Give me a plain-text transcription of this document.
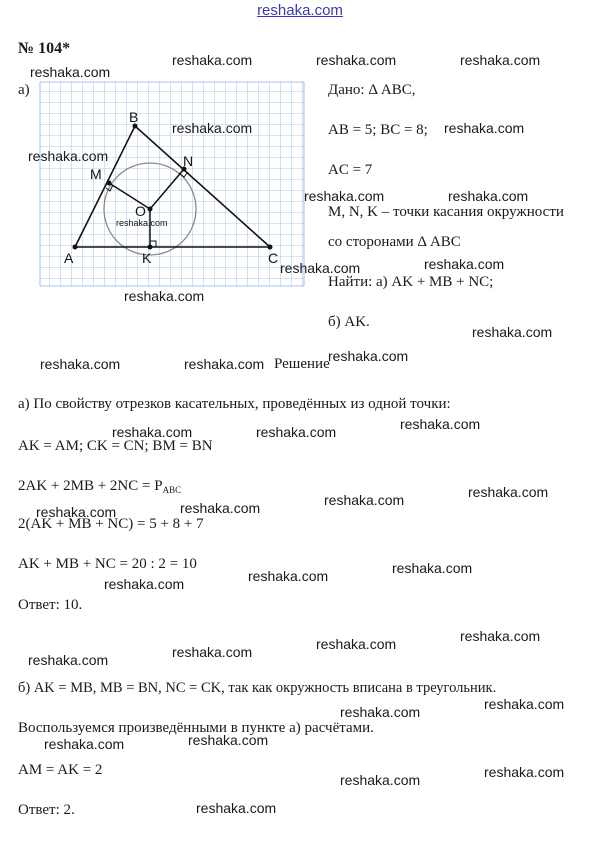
reshaka.com
№ 104*
а)
A
B
C
M
N
K
O
reshaka.com
Дано: Δ ABC,
AB = 5; BC = 8;
AC = 7
M, N, K – точки касания окружности
со сторонами Δ ABC
Найти: а) AK + MB + NC;
б) AK.
Решение
а) По свойству отрезков касательных, проведённых из одной точки:
AK = AM; CK = CN; BM = BN
$2AK + 2MB + 2NC = P_{ABC}$
2(AK + MB + NC) = 5 + 8 + 7
AK + MB + NC = 20 : 2 = 10
Ответ: 10.
б) AK = MB, MB = BN, NC = CK, так как окружность вписана в треугольник.
Воспользуемся произведёнными в пункте а) расчётами.
AM = AK = 2
Ответ: 2.
reshaka.com
reshaka.com	reshaka.com	reshaka.com
reshaka.com	reshaka.com
reshaka.com
reshaka.com	reshaka.com
reshaka.com	reshaka.com
reshaka.com
reshaka.com
reshaka.com
reshaka.com	reshaka.com
reshaka.com
reshaka.com	reshaka.com
reshaka.com
reshaka.com
reshaka.com
reshaka.com
reshaka.com
reshaka.com
reshaka.com
reshaka.com
reshaka.com
reshaka.com
reshaka.com
reshaka.com
reshaka.com
reshaka.com
reshaka.com
reshaka.com
reshaka.com
reshaka.com
